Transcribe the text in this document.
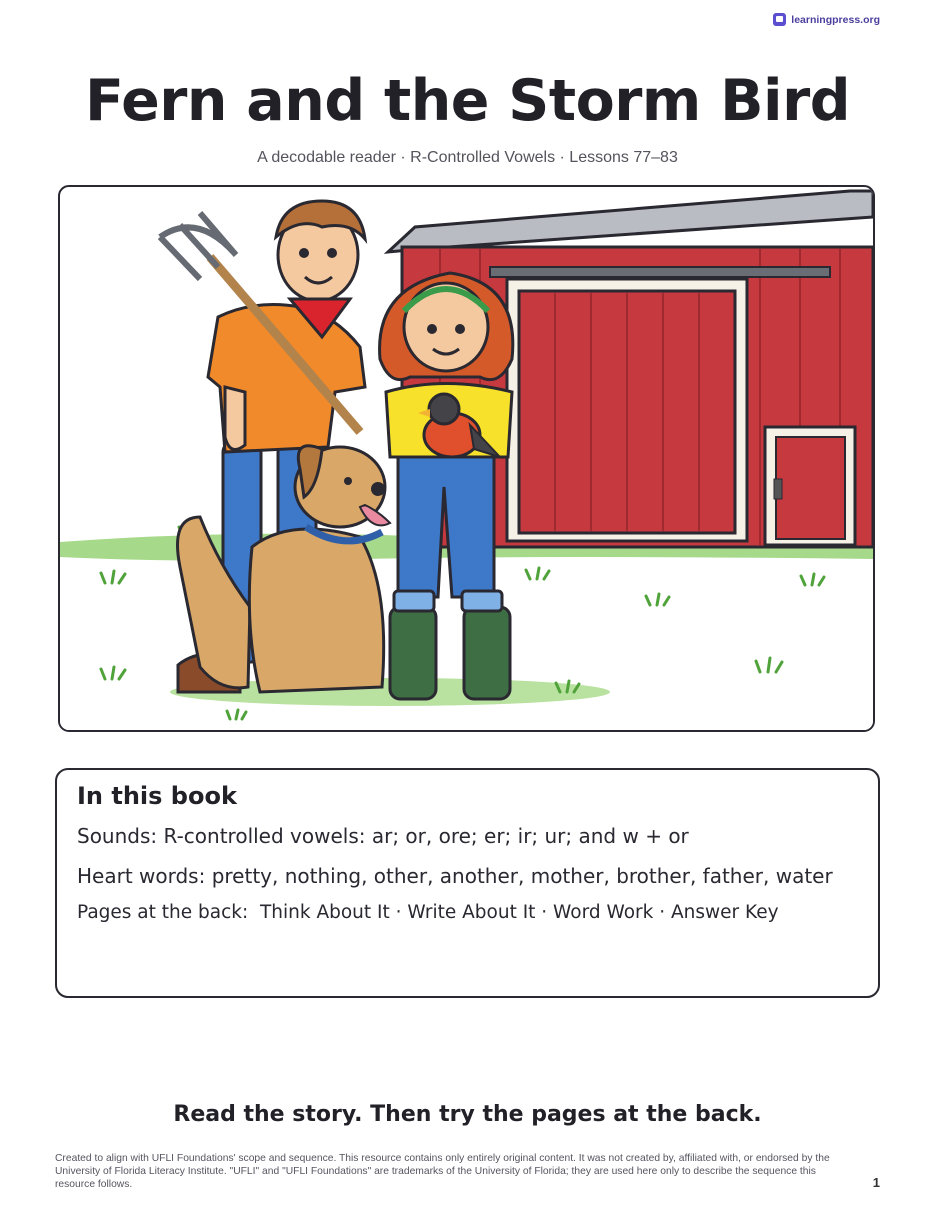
learningpress.org
Fern and the Storm Bird
A decodable reader · R-Controlled Vowels · Lessons 77–83
In this book
Sounds: R-controlled vowels: ar; or, ore; er; ir; ur; and w + or
Heart words: pretty, nothing, other, another, mother, brother, father, water
Pages at the back: Think About It · Write About It · Word Work · Answer Key
Read the story. Then try the pages at the back.
Created to align with UFLI Foundations' scope and sequence. This resource contains only entirely original content. It was not created by, affiliated with, or endorsed by the University of Florida Literacy Institute. "UFLI" and "UFLI Foundations" are trademarks of the University of Florida; they are used here only to describe the sequence this resource follows.	1
